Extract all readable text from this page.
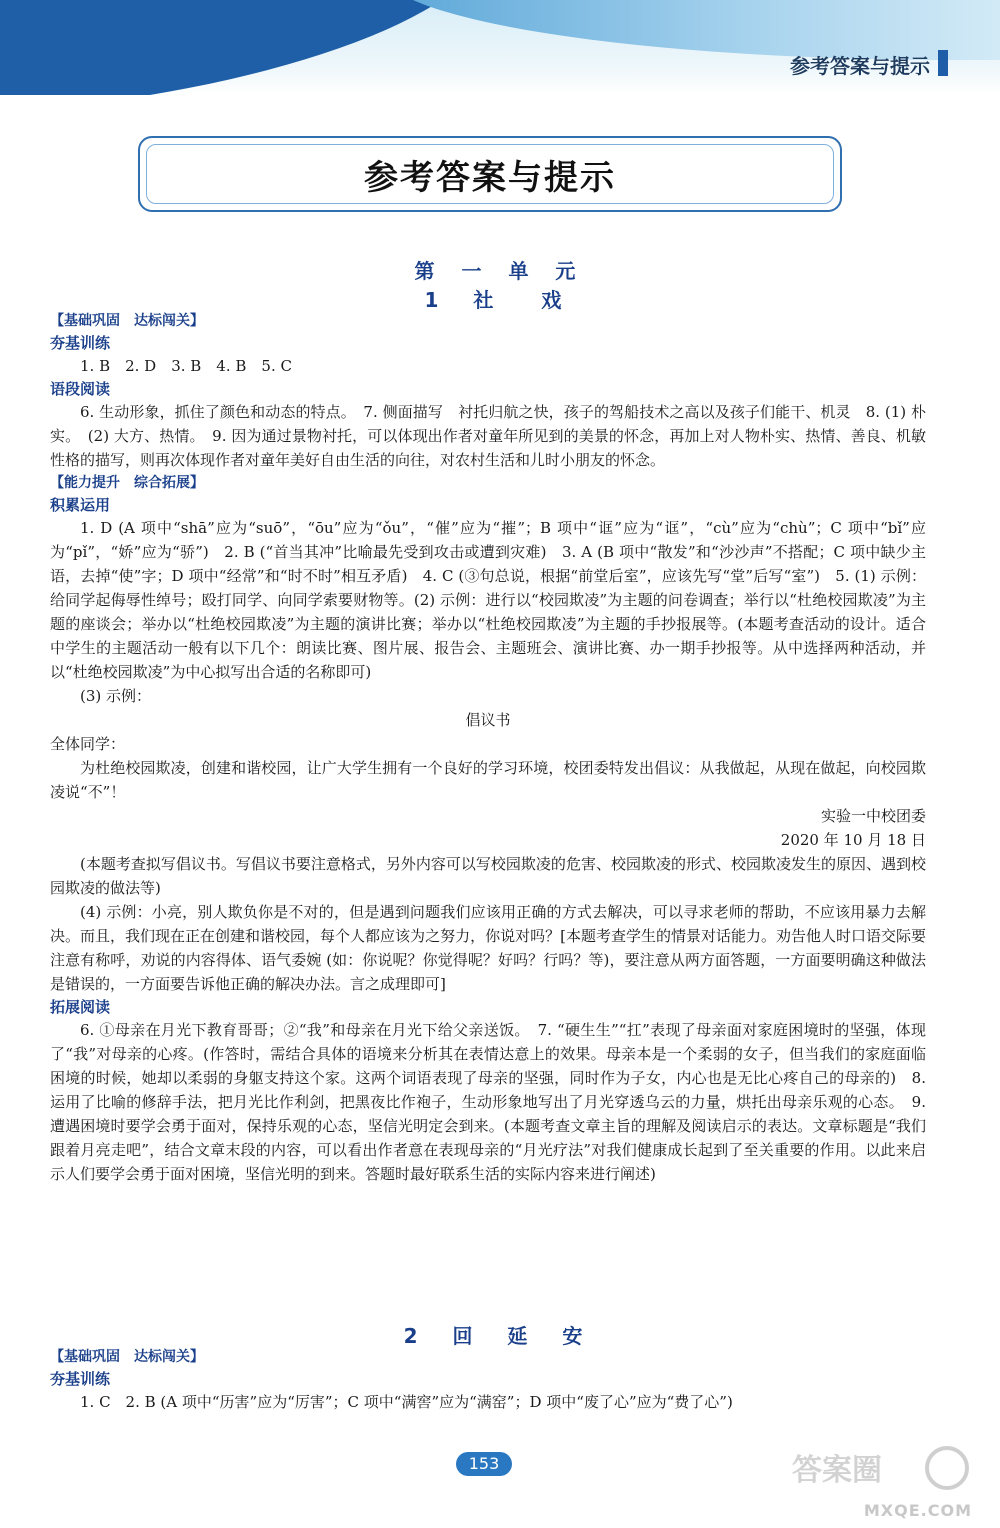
参考答案与提示
参考答案与提示
第 一 单 元
1 社　戏
【基础巩固　达标闯关】
夯基训练

1. B　2. D　3. B　4. B　5. C

语段阅读

6. 生动形象，抓住了颜色和动态的特点。　7. 侧面描写　衬托归航之快，孩子的驾船技术之高以及孩子们能干、机灵　8. (1) 朴实。　(2) 大方、热情。　9. 因为通过景物衬托，可以体现出作者对童年所见到的美景的怀念，再加上对人物朴实、热情、善良、机敏性格的描写，则再次体现作者对童年美好自由生活的向往，对农村生活和儿时小朋友的怀念。

【能力提升　综合拓展】
积累运用

1. D (A 项中“shā”应为“suō”，“ōu”应为“ǒu”，“催”应为“摧”；B 项中“诓”应为“诓”，“cù”应为“chù”；C 项中“bǐ”应为“pǐ”，“娇”应为“骄”)　2. B (“首当其冲”比喻最先受到攻击或遭到灾难)　3. A (B 项中“散发”和“沙沙声”不搭配；C 项中缺少主语，去掉“使”字；D 项中“经常”和“时不时”相互矛盾)　4. C (③句总说，根据“前堂后室”，应该先写“堂”后写“室”)　5. (1) 示例：给同学起侮辱性绰号；殴打同学、向同学索要财物等。(2) 示例：进行以“校园欺凌”为主题的问卷调查；举行以“杜绝校园欺凌”为主题的座谈会；举办以“杜绝校园欺凌”为主题的演讲比赛；举办以“杜绝校园欺凌”为主题的手抄报展等。(本题考查活动的设计。适合中学生的主题活动一般有以下几个：朗读比赛、图片展、报告会、主题班会、演讲比赛、办一期手抄报等。从中选择两种活动，并以“杜绝校园欺凌”为中心拟写出合适的名称即可)

(3) 示例：

倡议书

全体同学：

为杜绝校园欺凌，创建和谐校园，让广大学生拥有一个良好的学习环境，校团委特发出倡议：从我做起，从现在做起，向校园欺凌说“不”！

实验一中校团委

2020 年 10 月 18 日

(本题考查拟写倡议书。写倡议书要注意格式，另外内容可以写校园欺凌的危害、校园欺凌的形式、校园欺凌发生的原因、遇到校园欺凌的做法等)

(4) 示例：小亮，别人欺负你是不对的，但是遇到问题我们应该用正确的方式去解决，可以寻求老师的帮助，不应该用暴力去解决。而且，我们现在正在创建和谐校园，每个人都应该为之努力，你说对吗？[本题考查学生的情景对话能力。劝告他人时口语交际要注意有称呼，劝说的内容得体、语气委婉 (如：你说呢？你觉得呢？好吗？行吗？等)，要注意从两方面答题，一方面要明确这种做法是错误的，一方面要告诉他正确的解决办法。言之成理即可]

拓展阅读

6. ①母亲在月光下教育哥哥；②“我”和母亲在月光下给父亲送饭。　7. “硬生生”“扛”表现了母亲面对家庭困境时的坚强，体现了“我”对母亲的心疼。(作答时，需结合具体的语境来分析其在表情达意上的效果。母亲本是一个柔弱的女子，但当我们的家庭面临困境的时候，她却以柔弱的身躯支持这个家。这两个词语表现了母亲的坚强，同时作为子女，内心也是无比心疼自己的母亲的)　8. 运用了比喻的修辞手法，把月光比作利剑，把黑夜比作袍子，生动形象地写出了月光穿透乌云的力量，烘托出母亲乐观的心态。　9. 遭遇困境时要学会勇于面对，保持乐观的心态，坚信光明定会到来。(本题考查文章主旨的理解及阅读启示的表达。文章标题是“我们跟着月亮走吧”，结合文章末段的内容，可以看出作者意在表现母亲的“月光疗法”对我们健康成长起到了至关重要的作用。以此来启示人们要学会勇于面对困境，坚信光明的到来。答题时最好联系生活的实际内容来进行阐述)

2 回 延 安
【基础巩固　达标闯关】
夯基训练

1. C　2. B (A 项中“历害”应为“厉害”；C 项中“满窖”应为“满窑”；D 项中“废了心”应为“费了心”)

153	答案圈
MXQE.COM
